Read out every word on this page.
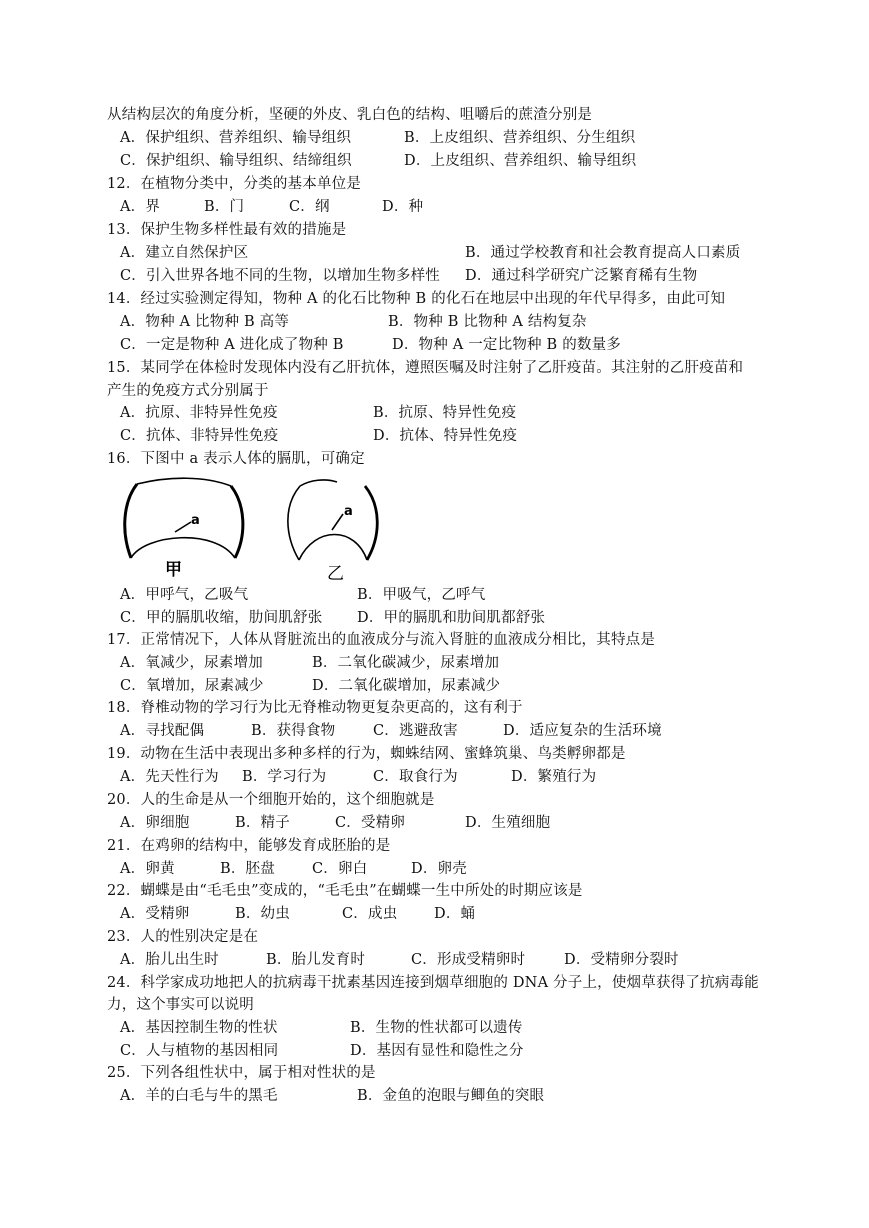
从结构层次的角度分析，坚硬的外皮、乳白色的结构、咀嚼后的蔗渣分别是
A．保护组织、营养组织、输导组织	B．上皮组织、营养组织、分生组织
C．保护组织、输导组织、结缔组织	D．上皮组织、营养组织、输导组织
12．在植物分类中，分类的基本单位是
A．界	B．门	C．纲	D．种
13．保护生物多样性最有效的措施是
A．建立自然保护区	B．通过学校教育和社会教育提高人口素质
C．引入世界各地不同的生物，以增加生物多样性 D．通过科学研究广泛繁育稀有生物
14．经过实验测定得知，物种 A 的化石比物种 B 的化石在地层中出现的年代早得多，由此可知
A．物种 A 比物种 B 高等	B．物种 B 比物种 A 结构复杂
C．一定是物种 A 进化成了物种 B	D．物种 A 一定比物种 B 的数量多
15．某同学在体检时发现体内没有乙肝抗体，遵照医嘱及时注射了乙肝疫苗。其注射的乙肝疫苗和
产生的免疫方式分别属于
A．抗原、非特异性免疫	B．抗原、特异性免疫
C．抗体、非特异性免疫	D．抗体、特异性免疫
16．下图中 a 表示人体的膈肌，可确定
a
a
甲	乙
A．甲呼气，乙吸气	B．甲吸气，乙呼气
C．甲的膈肌收缩，肋间肌舒张 D．甲的膈肌和肋间肌都舒张
17．正常情况下，人体从肾脏流出的血液成分与流入肾脏的血液成分相比，其特点是
A．氧减少，尿素增加	B．二氧化碳减少，尿素增加
C．氧增加，尿素减少	D．二氧化碳增加，尿素减少
18．脊椎动物的学习行为比无脊椎动物更复杂更高的，这有利于
A．寻找配偶	B．获得食物	C．逃避敌害	D．适应复杂的生活环境
19．动物在生活中表现出多种多样的行为，蜘蛛结网、蜜蜂筑巢、鸟类孵卵都是
A．先天性行为 B．学习行为	C．取食行为	D．繁殖行为
20．人的生命是从一个细胞开始的，这个细胞就是
A．卵细胞	B．精子	C．受精卵	D．生殖细胞
21．在鸡卵的结构中，能够发育成胚胎的是
A．卵黄	B．胚盘	C．卵白	D．卵壳
22．蝴蝶是由“毛毛虫”变成的，“毛毛虫”在蝴蝶一生中所处的时期应该是
A．受精卵	B．幼虫	C．成虫	D．蛹
23．人的性别决定是在
A．胎儿出生时	B．胎儿发育时	C．形成受精卵时	D．受精卵分裂时
24．科学家成功地把人的抗病毒干扰素基因连接到烟草细胞的 DNA 分子上，使烟草获得了抗病毒能
力，这个事实可以说明
A．基因控制生物的性状	B．生物的性状都可以遗传
C．人与植物的基因相同	D．基因有显性和隐性之分
25．下列各组性状中，属于相对性状的是
A．羊的白毛与牛的黑毛	B．金鱼的泡眼与鲫鱼的突眼
